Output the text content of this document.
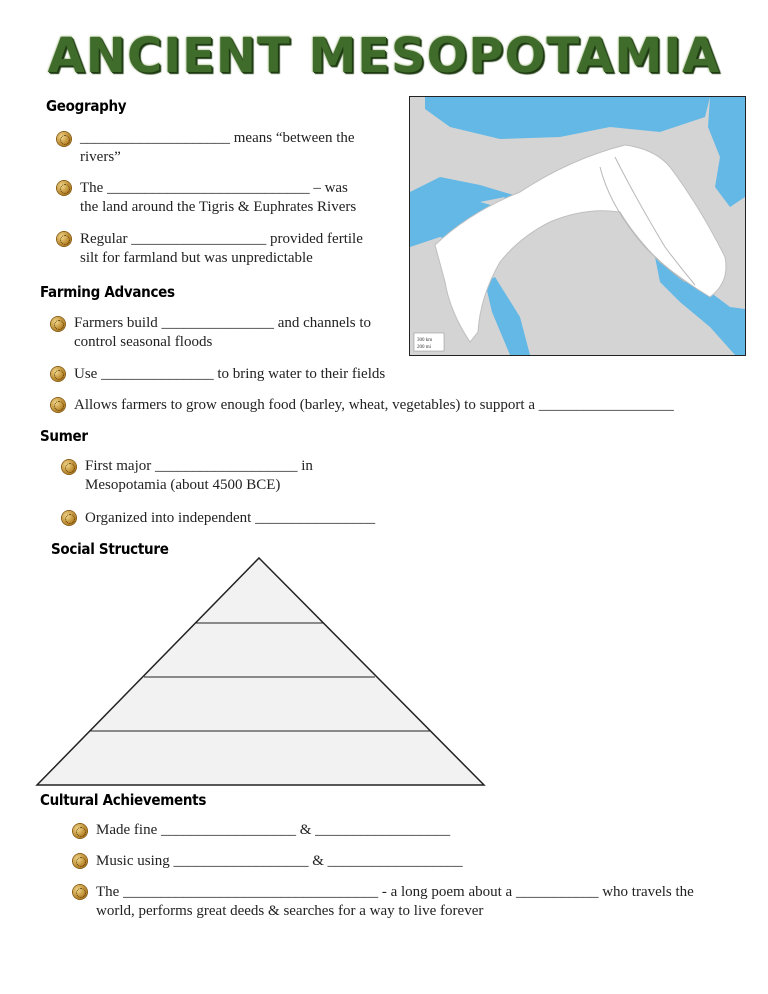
ANCIENT MESOPOTAMIA
Geography
____________________ means “between the
rivers”
The ___________________________ – was
the land around the Tigris & Euphrates Rivers
Regular __________________ provided fertile
silt for farmland but was unpredictable
300 km
200 mi
Farming Advances
Farmers build _______________ and channels to
control seasonal floods
Use _______________ to bring water to their fields
Allows farmers to grow enough food (barley, wheat, vegetables) to support a __________________
Sumer
First major ___________________ in
Mesopotamia (about 4500 BCE)
Organized into independent ________________
Social Structure
Cultural Achievements
Made fine __________________ & __________________
Music using __________________ & __________________
The __________________________________ - a long poem about a ___________ who travels the
world, performs great deeds & searches for a way to live forever
